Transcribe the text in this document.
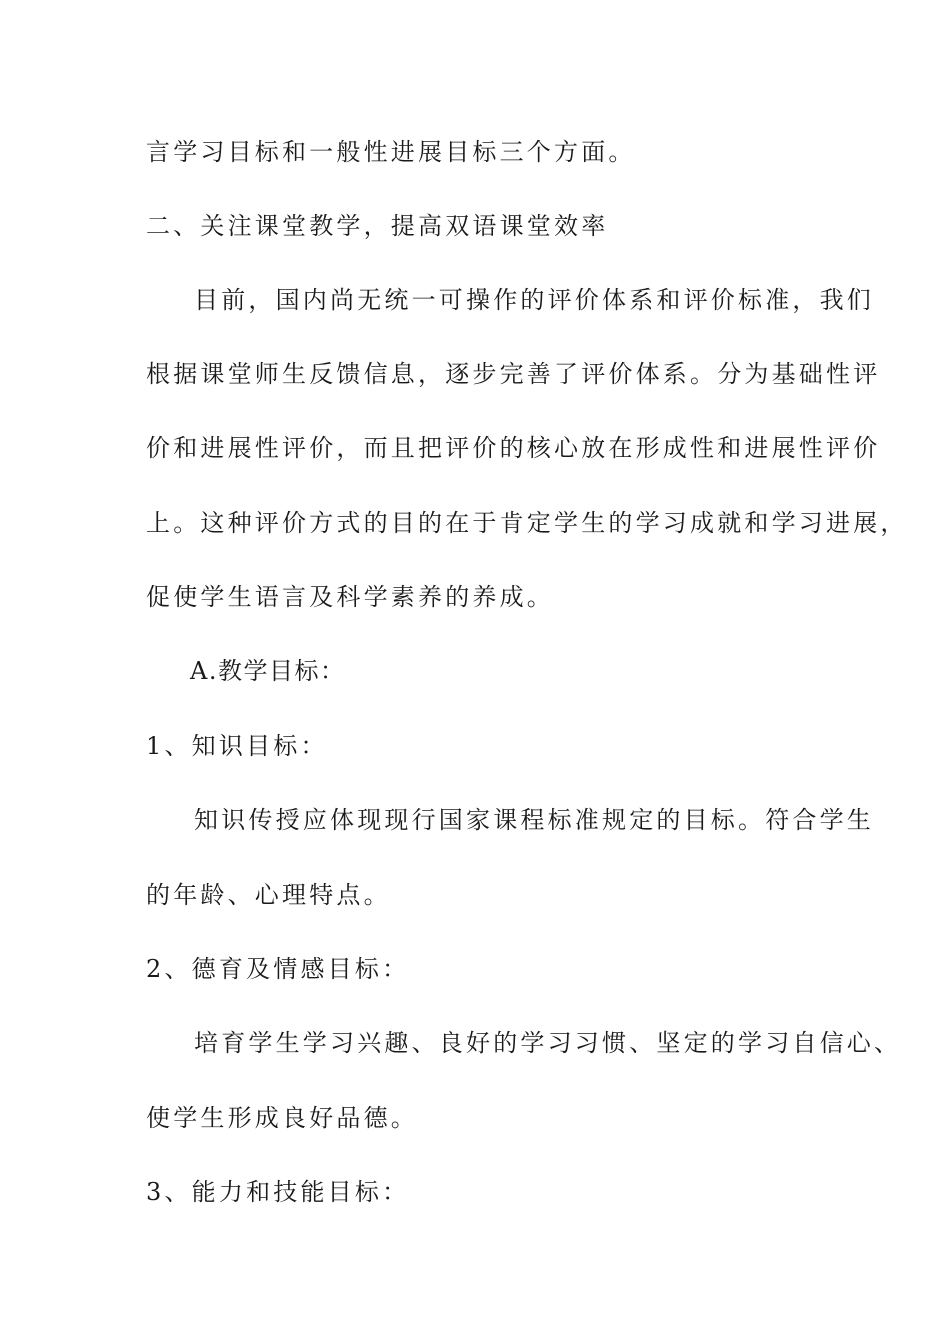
言学习目标和一般性进展目标三个方面。
二、关注课堂教学，提高双语课堂效率
目前，国内尚无统一可操作的评价体系和评价标准，我们
根据课堂师生反馈信息，逐步完善了评价体系。分为基础性评
价和进展性评价，而且把评价的核心放在形成性和进展性评价
上。这种评价方式的目的在于肯定学生的学习成就和学习进展，
促使学生语言及科学素养的养成。
A.教学目标：
1、知识目标：
知识传授应体现现行国家课程标准规定的目标。符合学生
的年龄、心理特点。
2、德育及情感目标：
培育学生学习兴趣、良好的学习习惯、坚定的学习自信心、
使学生形成良好品德。
3、能力和技能目标：
